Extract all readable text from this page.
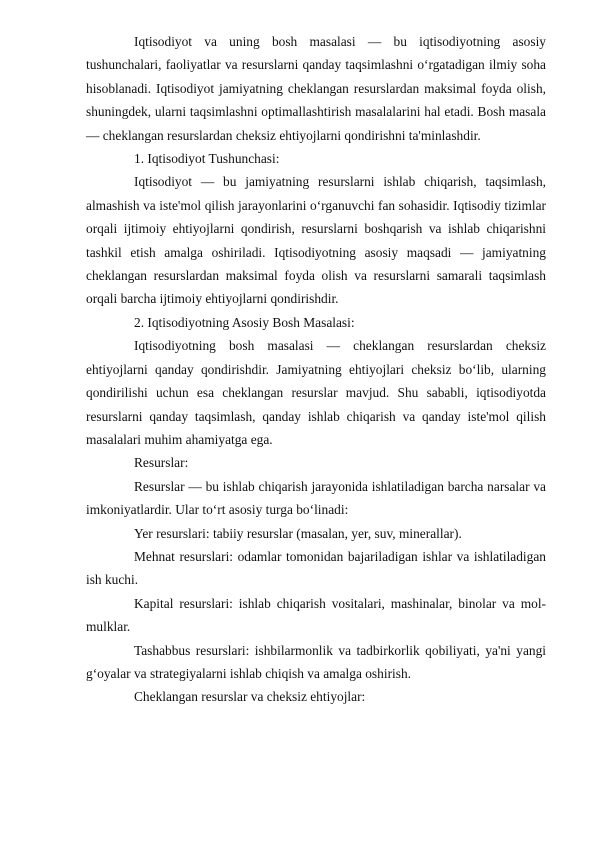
Iqtisodiyot va uning bosh masalasi — bu iqtisodiyotning asosiy tushunchalari, faoliyatlar va resurslarni qanday taqsimlashni oʻrgatadigan ilmiy soha hisoblanadi. Iqtisodiyot jamiyatning cheklangan resurslardan maksimal foyda olish, shuningdek, ularni taqsimlashni optimallashtirish masalalarini hal etadi. Bosh masala — cheklangan resurslardan cheksiz ehtiyojlarni qondirishni ta'minlashdir.

1. Iqtisodiyot Tushunchasi:

Iqtisodiyot — bu jamiyatning resurslarni ishlab chiqarish, taqsimlash, almashish va iste'mol qilish jarayonlarini oʻrganuvchi fan sohasidir. Iqtisodiy tizimlar orqali ijtimoiy ehtiyojlarni qondirish, resurslarni boshqarish va ishlab chiqarishni tashkil etish amalga oshiriladi. Iqtisodiyotning asosiy maqsadi — jamiyatning cheklangan resurslardan maksimal foyda olish va resurslarni samarali taqsimlash orqali barcha ijtimoiy ehtiyojlarni qondirishdir.

2. Iqtisodiyotning Asosiy Bosh Masalasi:

Iqtisodiyotning bosh masalasi — cheklangan resurslardan cheksiz ehtiyojlarni qanday qondirishdir. Jamiyatning ehtiyojlari cheksiz boʻlib, ularning qondirilishi uchun esa cheklangan resurslar mavjud. Shu sababli, iqtisodiyotda resurslarni qanday taqsimlash, qanday ishlab chiqarish va qanday iste'mol qilish masalalari muhim ahamiyatga ega.

Resurslar:

Resurslar — bu ishlab chiqarish jarayonida ishlatiladigan barcha narsalar va imkoniyatlardir. Ular toʻrt asosiy turga boʻlinadi:

Yer resurslari: tabiiy resurslar (masalan, yer, suv, minerallar).

Mehnat resurslari: odamlar tomonidan bajariladigan ishlar va ishlatiladigan ish kuchi.

Kapital resurslari: ishlab chiqarish vositalari, mashinalar, binolar va mol-mulklar.

Tashabbus resurslari: ishbilarmonlik va tadbirkorlik qobiliyati, ya'ni yangi gʻoyalar va strategiyalarni ishlab chiqish va amalga oshirish.

Cheklangan resurslar va cheksiz ehtiyojlar:
